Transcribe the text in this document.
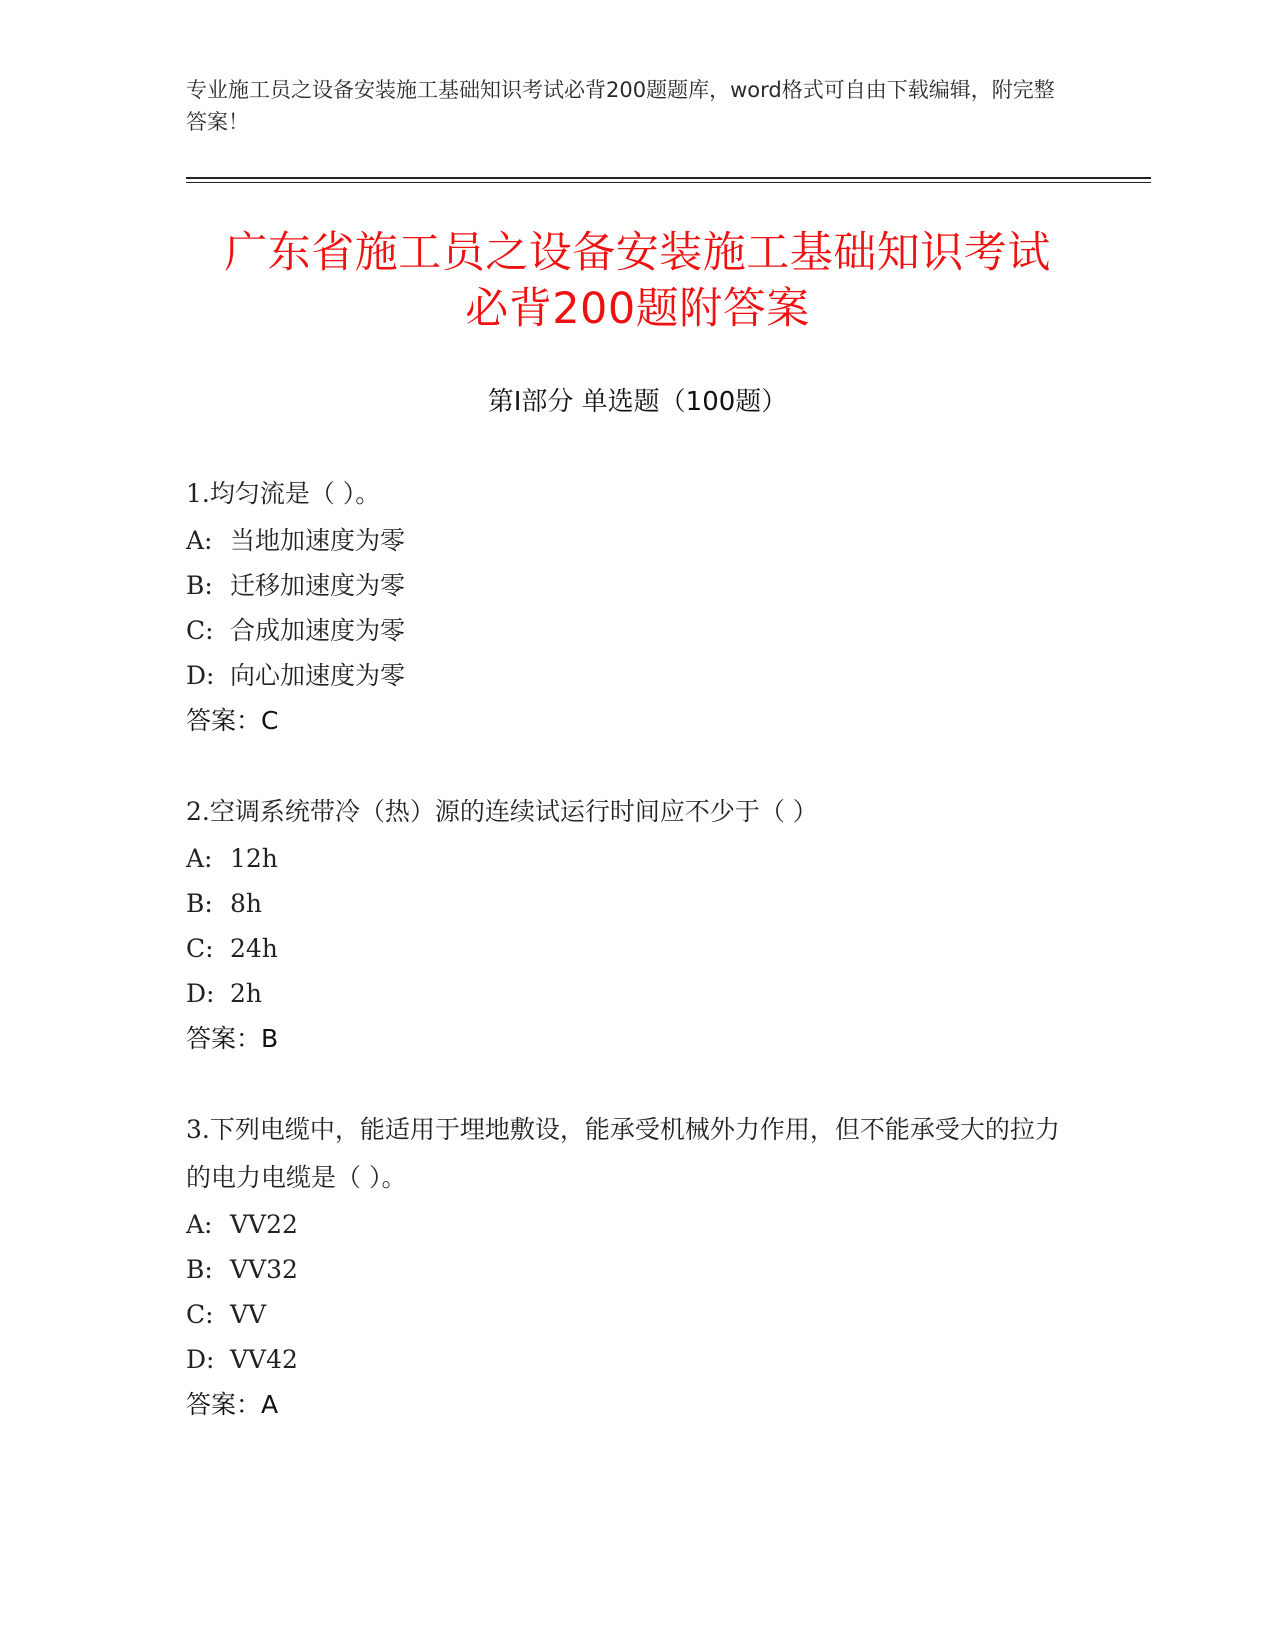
专业施工员之设备安装施工基础知识考试必背200题题库，word格式可自由下载编辑，附完整答案！
广东省施工员之设备安装施工基础知识考试
必背200题附答案
第Ⅰ部分 单选题（100题）

1.均匀流是（ ）。

A: 当地加速度为零

B: 迁移加速度为零

C: 合成加速度为零

D: 向心加速度为零

答案：C

2.空调系统带冷（热）源的连续试运行时间应不少于（ ）

A: 12h

B: 8h

C: 24h

D: 2h

答案：B

3.下列电缆中，能适用于埋地敷设，能承受机械外力作用，但不能承受大的拉力的电力电缆是（ ）。

A: VV22

B: VV32

C: VV

D: VV42

答案：A
